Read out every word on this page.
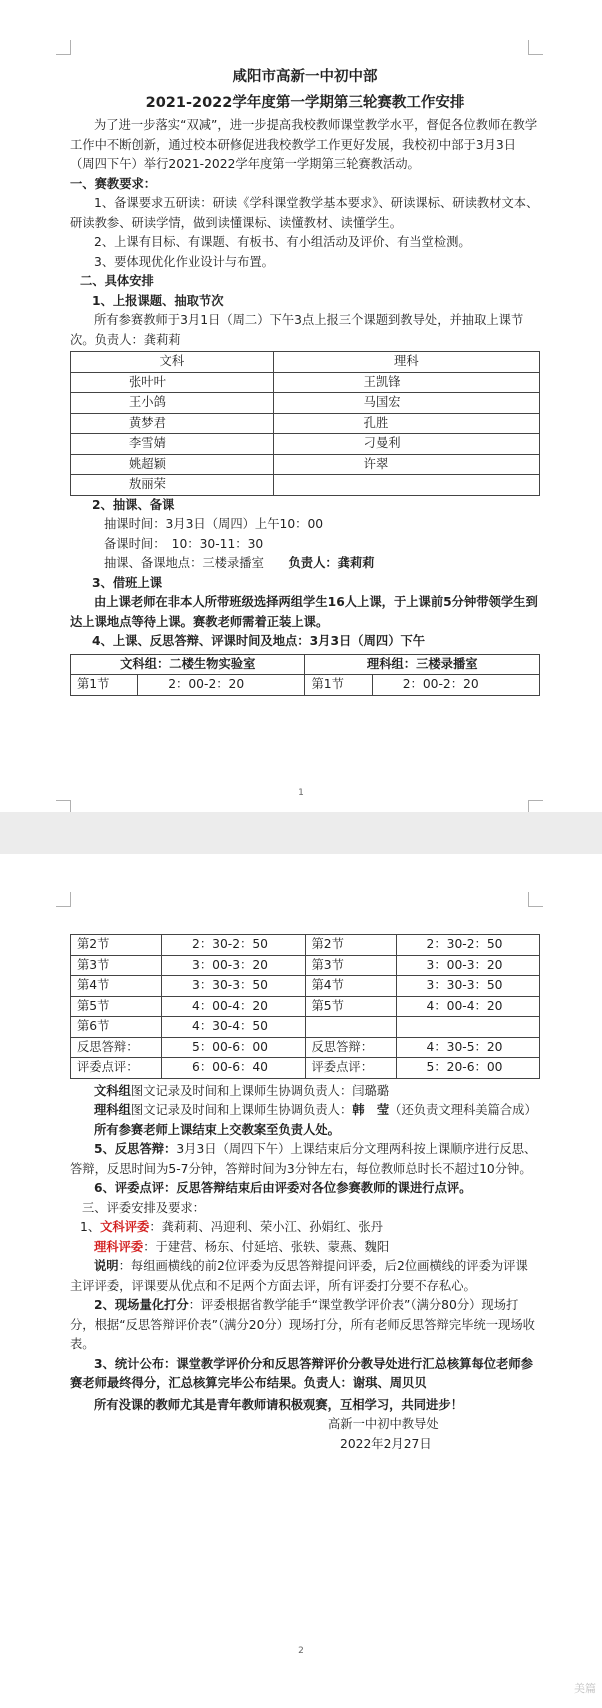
咸阳市高新一中初中部
2021-2022学年度第一学期第三轮赛教工作安排

为了进一步落实“双减”，进一步提高我校教师课堂教学水平，督促各位教师在教学工作中不断创新，通过校本研修促进我校教学工作更好发展，我校初中部于3月3日（周四下午）举行2021-2022学年度第一学期第三轮赛教活动。

一、赛教要求：

1、备课要求五研读：研读《学科课堂教学基本要求》、研读课标、研读教材文本、研读教参、研读学情，做到读懂课标、读懂教材、读懂学生。

2、上课有目标、有课题、有板书、有小组活动及评价、有当堂检测。

3、要体现优化作业设计与布置。

二、具体安排

1、上报课题、抽取节次

所有参赛教师于3月1日（周二）下午3点上报三个课题到教导处，并抽取上课节次。负责人：龚莉莉

文科	理科
张叶叶	王凯锋
王小鸽	马国宏
黄梦君	孔胜
李雪婧	刁曼利
姚超颖	许翠
敖丽荣	

2、抽课、备课

抽课时间：3月3日（周四）上午10：00

备课时间：　10：30-11：30

抽课、备课地点：三楼录播室　　负责人：龚莉莉

3、借班上课

由上课老师在非本人所带班级选择两组学生16人上课，于上课前5分钟带领学生到达上课地点等待上课。赛教老师需着正装上课。

4、上课、反思答辩、评课时间及地点：3月3日（周四）下午

文科组：二楼生物实验室		理科组：三楼录播室	
第1节	2：00-2：20	第1节	2：00-2：20
1
第2节	2：30-2：50	第2节	2：30-2：50
第3节	3：00-3：20	第3节	3：00-3：20
第4节	3：30-3：50	第4节	3：30-3：50
第5节	4：00-4：20	第5节	4：00-4：20
第6节	4：30-4：50		
反思答辩：	5：00-6：00	反思答辩：	4：30-5：20
评委点评：	6：00-6：40	评委点评：	5：20-6：00

文科组图文记录及时间和上课师生协调负责人：闫璐璐

理科组图文记录及时间和上课师生协调负责人：韩　莹（还负责文理科美篇合成）

所有参赛老师上课结束上交教案至负责人处。

5、反思答辩：3月3日（周四下午）上课结束后分文理两科按上课顺序进行反思、答辩，反思时间为5-7分钟，答辩时间为3分钟左右，每位教师总时长不超过10分钟。

6、评委点评：反思答辩结束后由评委对各位参赛教师的课进行点评。

三、评委安排及要求：

1、文科评委：龚莉莉、冯迎利、荣小江、孙娟红、张丹

理科评委：于建营、杨东、付延培、张轶、蒙燕、魏阳

说明：每组画横线的前2位评委为反思答辩提问评委，后2位画横线的评委为评课主评评委，评课要从优点和不足两个方面去评，所有评委打分要不存私心。

2、现场量化打分：评委根据省教学能手“课堂教学评价表”（满分80分）现场打分，根据“反思答辩评价表”（满分20分）现场打分，所有老师反思答辩完毕统一现场收表。

3、统计公布：课堂教学评价分和反思答辩评价分教导处进行汇总核算每位老师参赛老师最终得分，汇总核算完毕公布结果。负责人：谢琪、周贝贝

所有没课的教师尤其是青年教师请积极观赛，互相学习，共同进步！

高新一中初中教导处

2022年2月27日

2
美篇
